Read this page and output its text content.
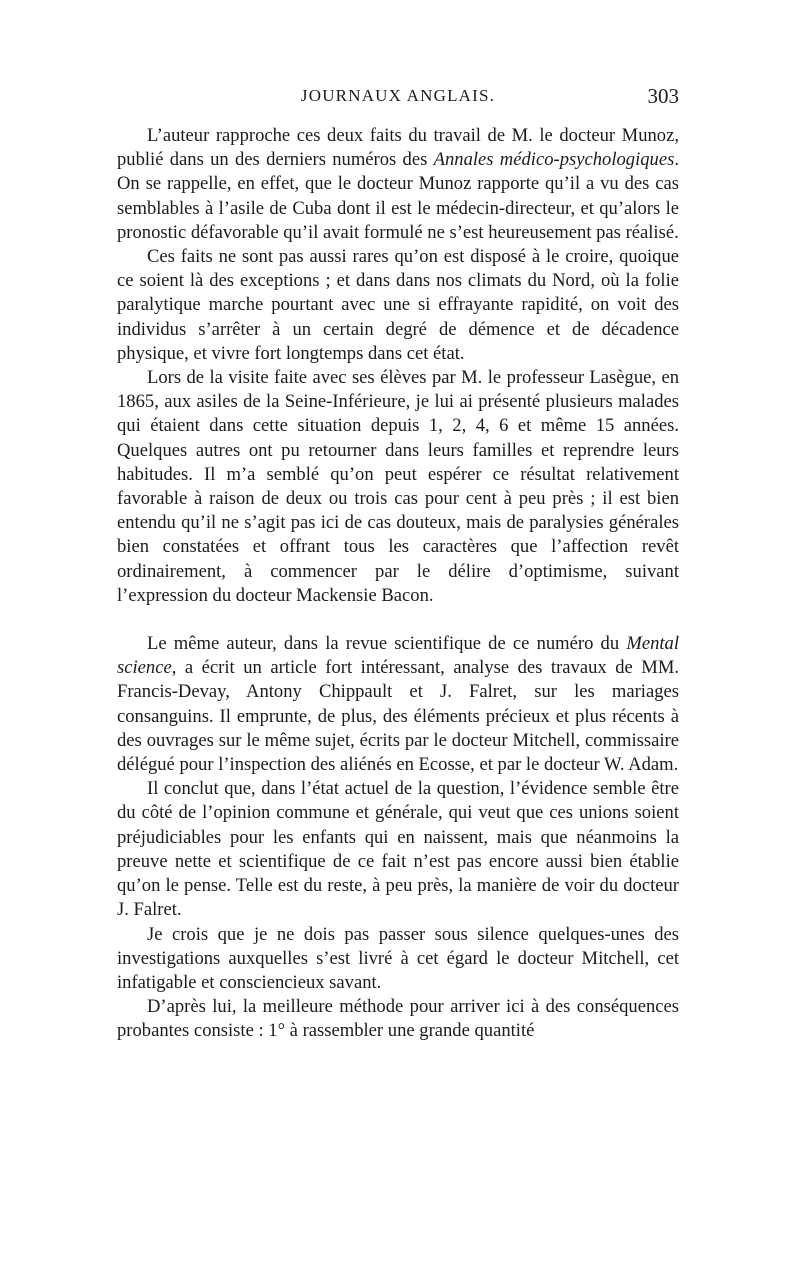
JOURNAUX ANGLAIS.	303

L’auteur rapproche ces deux faits du travail de M. le docteur Munoz, publié dans un des derniers numéros des Annales médico-psychologiques. On se rappelle, en effet, que le docteur Munoz rapporte qu’il a vu des cas semblables à l’asile de Cuba dont il est le médecin-directeur, et qu’alors le pronostic défavorable qu’il avait formulé ne s’est heureusement pas réalisé.

Ces faits ne sont pas aussi rares qu’on est disposé à le croire, quoique ce soient là des exceptions ; et dans dans nos climats du Nord, où la folie paralytique marche pourtant avec une si effrayante rapidité, on voit des individus s’arrêter à un certain degré de démence et de décadence physique, et vivre fort longtemps dans cet état.

Lors de la visite faite avec ses élèves par M. le professeur Lasègue, en 1865, aux asiles de la Seine-Inférieure, je lui ai présenté plusieurs malades qui étaient dans cette situation depuis 1, 2, 4, 6 et même 15 années. Quelques autres ont pu retourner dans leurs familles et reprendre leurs habitudes. Il m’a semblé qu’on peut espérer ce résultat relativement favorable à raison de deux ou trois cas pour cent à peu près ; il est bien entendu qu’il ne s’agit pas ici de cas douteux, mais de paralysies générales bien constatées et offrant tous les caractères que l’affection revêt ordinairement, à commencer par le délire d’optimisme, suivant l’expression du docteur Mackensie Bacon.

Le même auteur, dans la revue scientifique de ce numéro du Mental science, a écrit un article fort intéressant, analyse des travaux de MM. Francis-Devay, Antony Chippault et J. Falret, sur les mariages consanguins. Il emprunte, de plus, des éléments précieux et plus récents à des ouvrages sur le même sujet, écrits par le docteur Mitchell, commissaire délégué pour l’inspection des aliénés en Ecosse, et par le docteur W. Adam.

Il conclut que, dans l’état actuel de la question, l’évidence semble être du côté de l’opinion commune et générale, qui veut que ces unions soient préjudiciables pour les enfants qui en naissent, mais que néanmoins la preuve nette et scientifique de ce fait n’est pas encore aussi bien établie qu’on le pense. Telle est du reste, à peu près, la manière de voir du docteur J. Falret.

Je crois que je ne dois pas passer sous silence quelques-unes des investigations auxquelles s’est livré à cet égard le docteur Mitchell, cet infatigable et consciencieux savant.

D’après lui, la meilleure méthode pour arriver ici à des conséquences probantes consiste : 1° à rassembler une grande quantité
